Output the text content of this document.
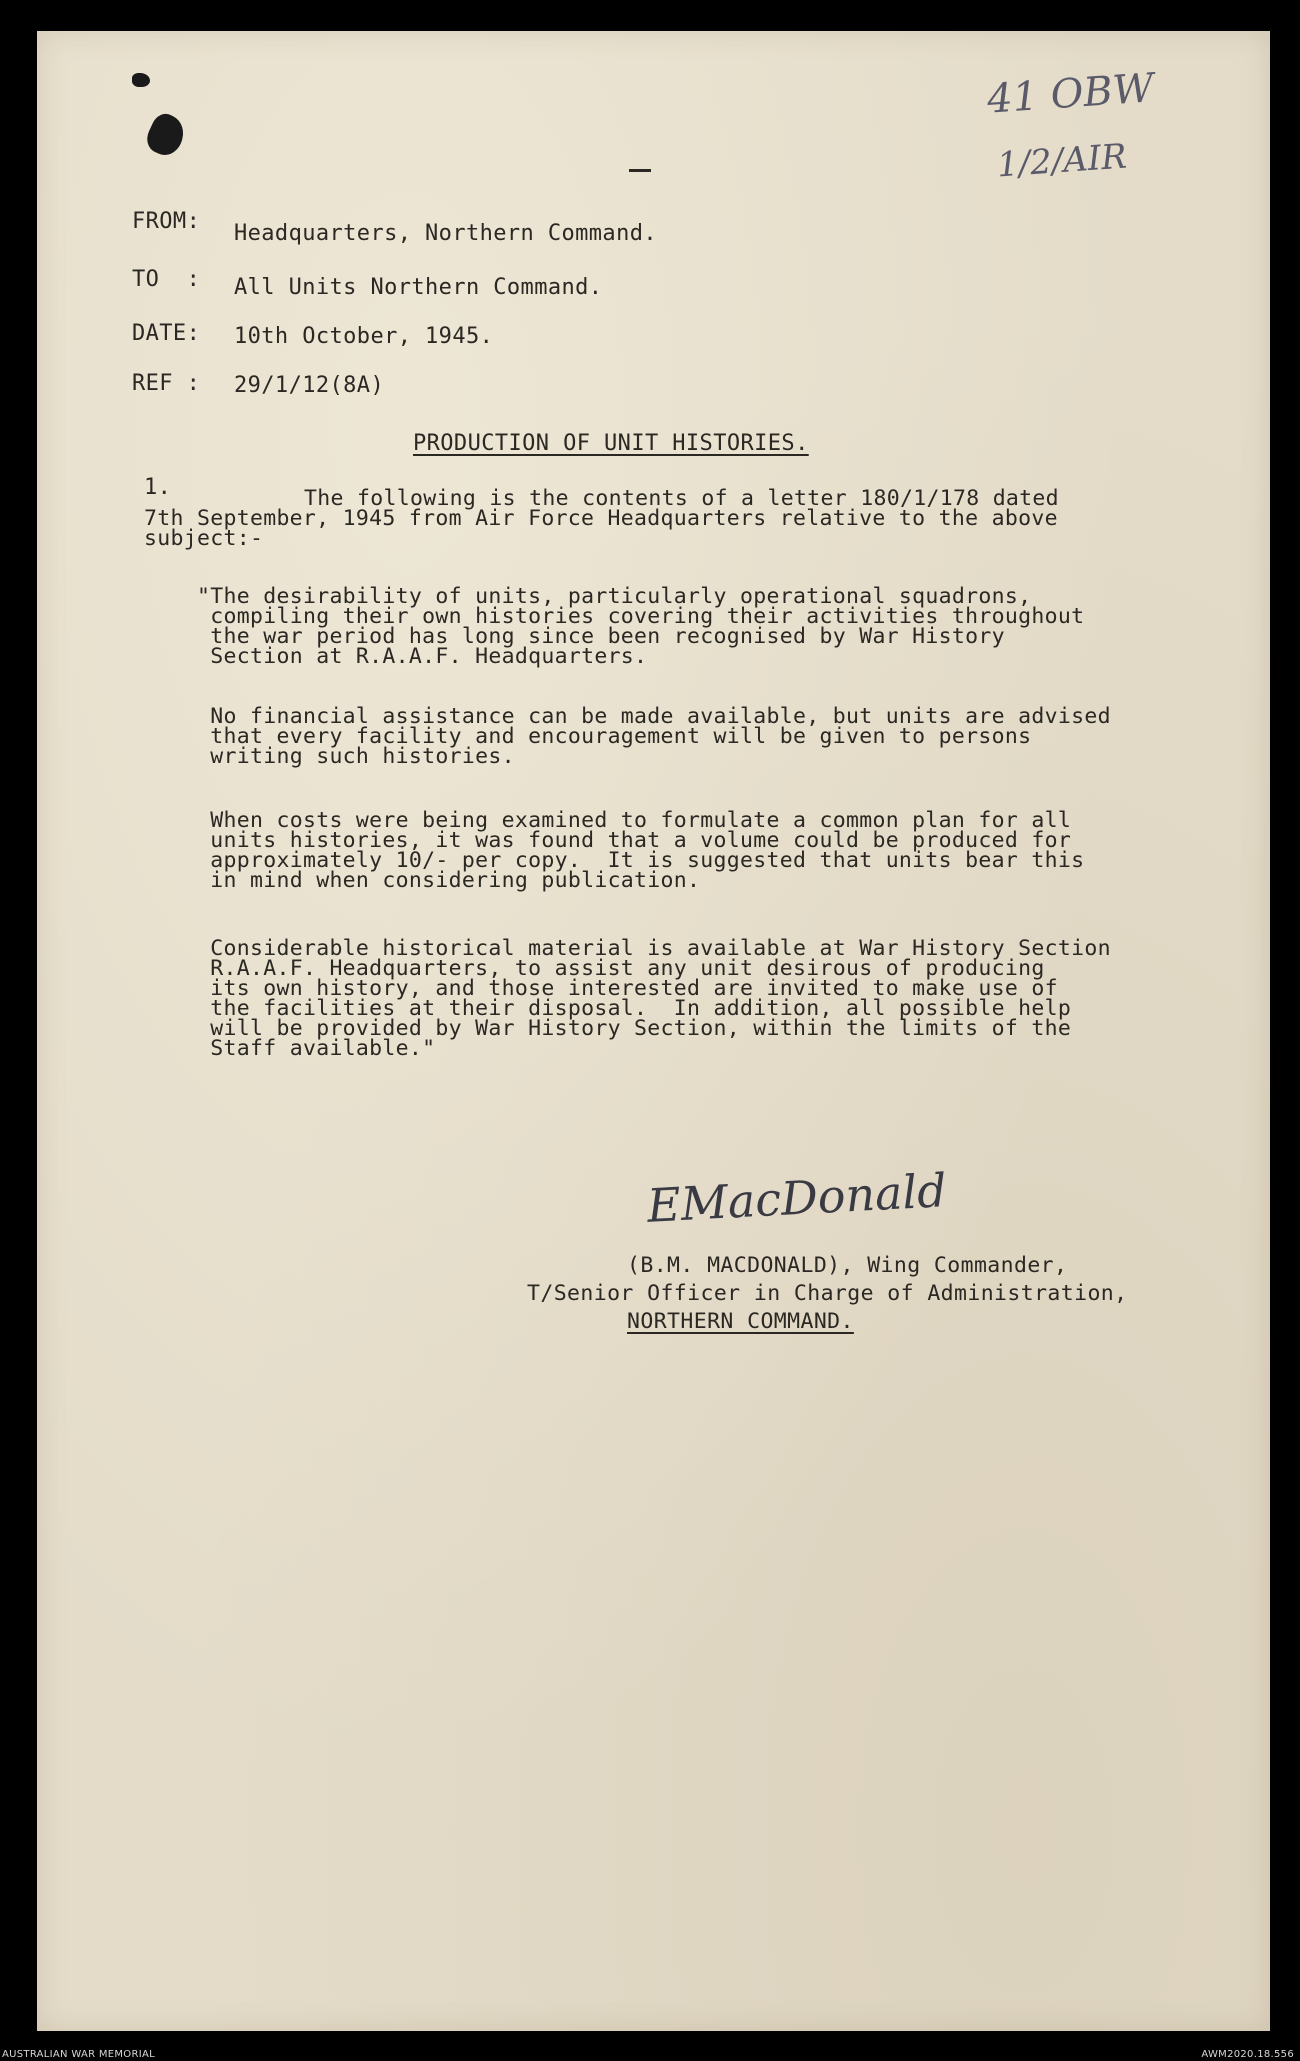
41 OBW
1/2/AIR
FROM: Headquarters, Northern Command.
TO  : All Units Northern Command.
DATE: 10th October, 1945.
REF : 29/1/12(8A)
PRODUCTION OF UNIT HISTORIES.
1.	The following is the contents of a letter 180/1/178 dated
7th September, 1945 from Air Force Headquarters relative to the above
subject:-
"The desirability of units, particularly operational squadrons,
compiling their own histories covering their activities throughout
the war period has long since been recognised by War History
Section at R.A.A.F. Headquarters.
No financial assistance can be made available, but units are advised
that every facility and encouragement will be given to persons
writing such histories.
When costs were being examined to formulate a common plan for all
units histories, it was found that a volume could be produced for
approximately 10/- per copy.  It is suggested that units bear this
in mind when considering publication.
Considerable historical material is available at War History Section
R.A.A.F. Headquarters, to assist any unit desirous of producing
its own history, and those interested are invited to make use of
the facilities at their disposal.  In addition, all possible help
will be provided by War History Section, within the limits of the
Staff available."
EMacDonald
(B.M. MACDONALD), Wing Commander,
T/Senior Officer in Charge of Administration,
NORTHERN COMMAND.
AUSTRALIAN WAR MEMORIAL	AWM2020.18.556
